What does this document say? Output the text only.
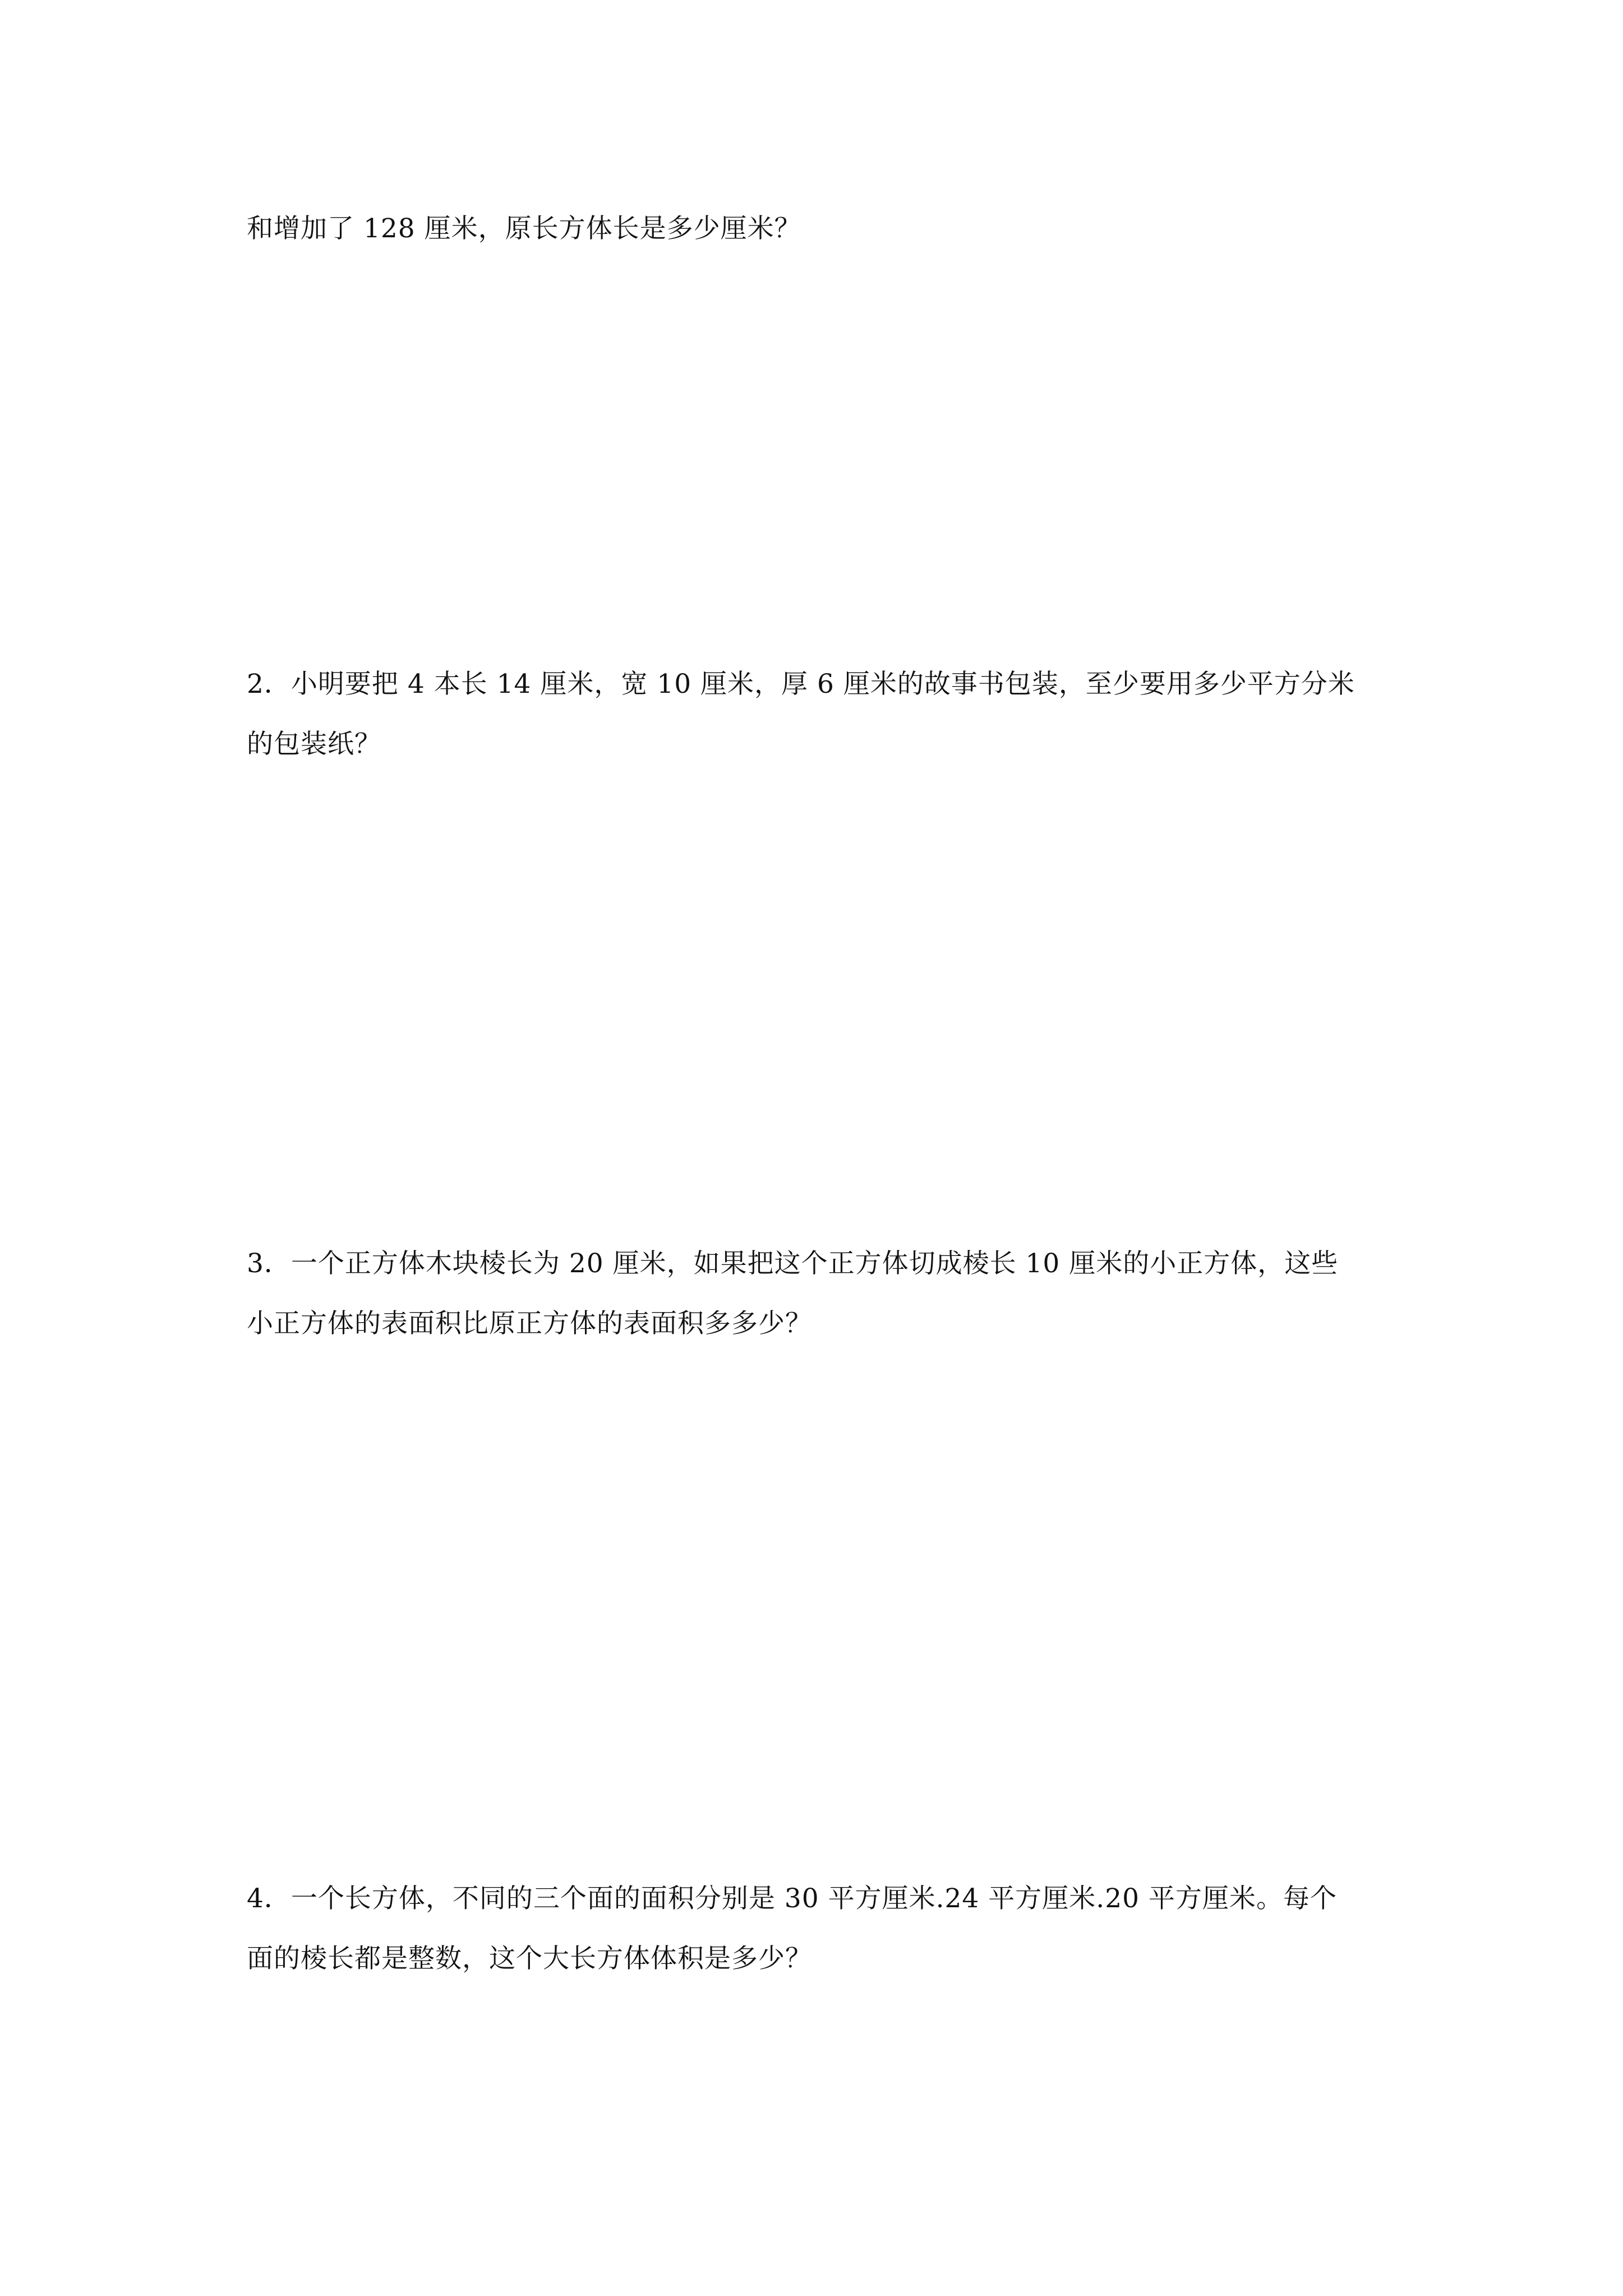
和增加了 128 厘米，原长方体长是多少厘米？
2．小明要把 4 本长 14 厘米，宽 10 厘米，厚 6 厘米的故事书包装，至少要用多少平方分米
的包装纸？
3．一个正方体木块棱长为 20 厘米，如果把这个正方体切成棱长 10 厘米的小正方体，这些
小正方体的表面积比原正方体的表面积多多少？
4．一个长方体，不同的三个面的面积分别是 30 平方厘米.24 平方厘米.20 平方厘米。每个
面的棱长都是整数，这个大长方体体积是多少？
